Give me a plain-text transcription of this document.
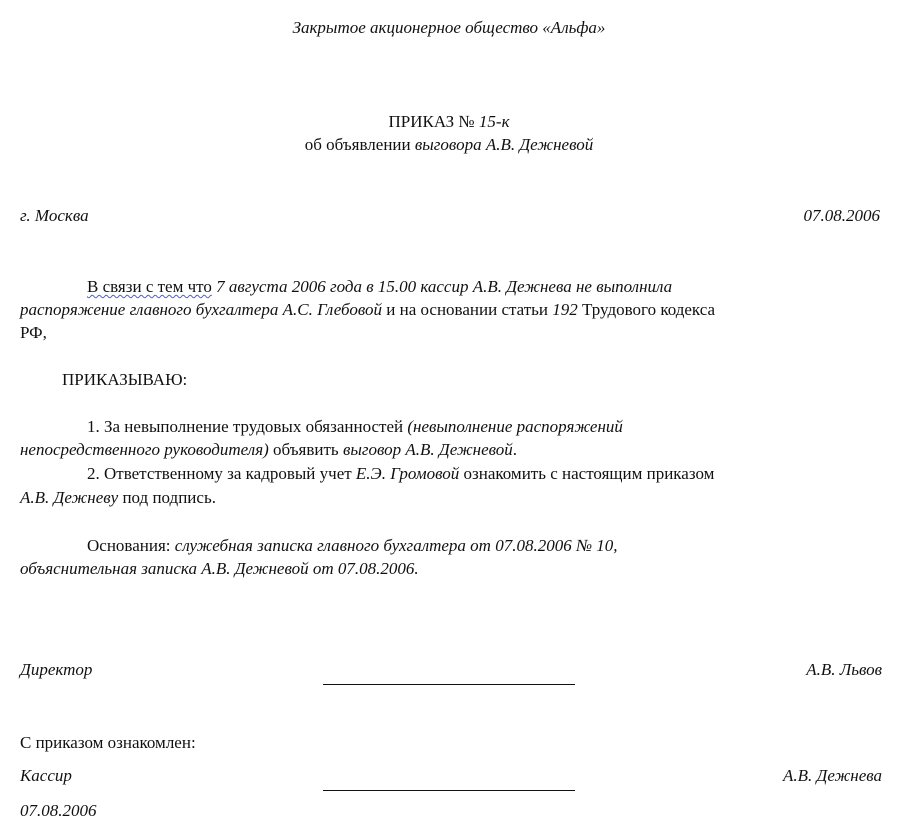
Закрытое акционерное общество «Альфа»
ПРИКАЗ № 15-к
об объявлении выговора А.В. Дежневой
г. Москва	07.08.2006
В связи с тем что 7 августа 2006 года в 15.00 кассир А.В. Дежнева не выполнила
распоряжение главного бухгалтера А.С. Глебовой и на основании статьи 192 Трудового кодекса
РФ,
ПРИКАЗЫВАЮ:
1. За невыполнение трудовых обязанностей (невыполнение распоряжений
непосредственного руководителя) объявить выговор А.В. Дежневой.
2. Ответственному за кадровый учет Е.Э. Громовой ознакомить с настоящим приказом
А.В. Дежневу под подпись.
Основания: служебная записка главного бухгалтера от 07.08.2006 № 10,
объяснительная записка А.В. Дежневой от 07.08.2006.
Директор	А.В. Львов
С приказом ознакомлен:
Кассир	А.В. Дежнева
07.08.2006
